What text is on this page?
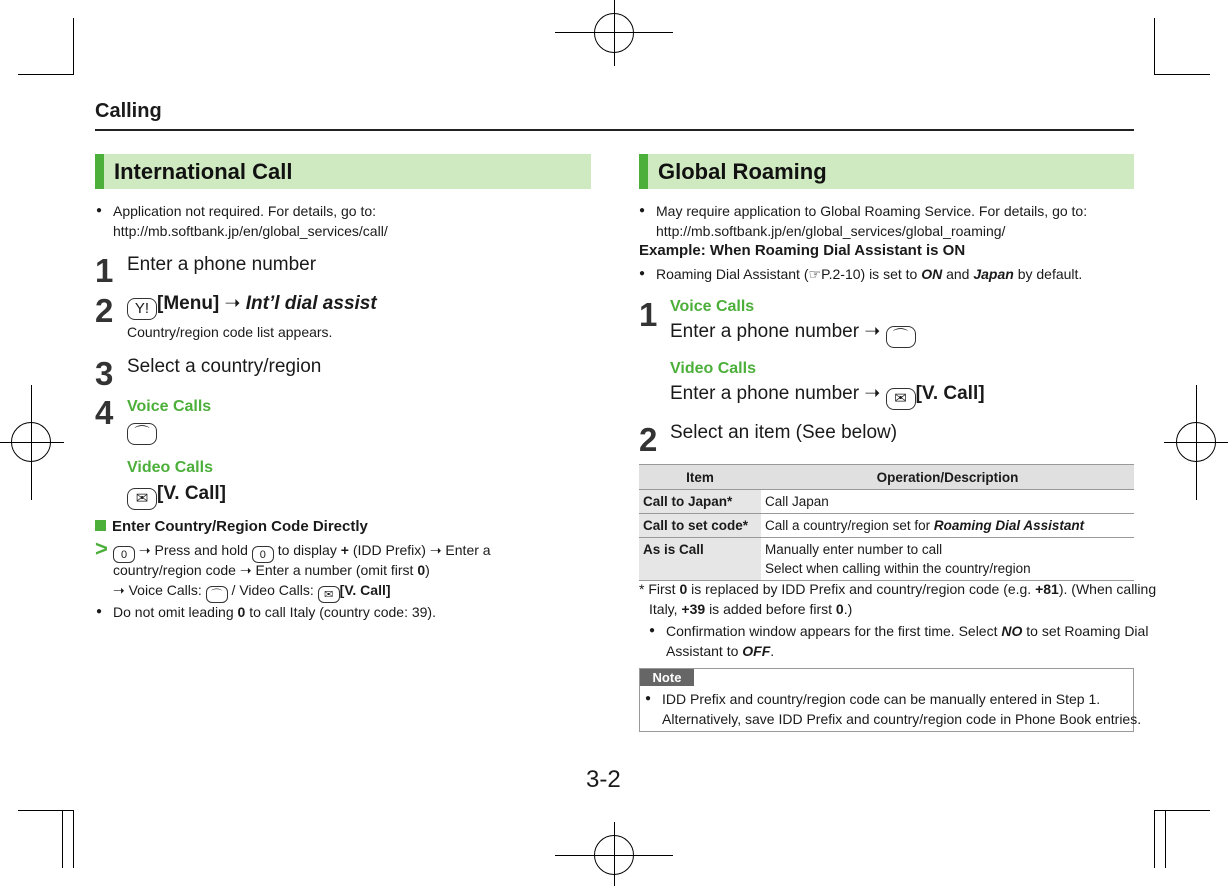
Calling
International Call
● Application not required. For details, go to:
http://mb.softbank.jp/en/global_services/call/
1 Enter a phone number
2	Y! [Menu] ➝ Int’l dial assist
Country/region code list appears.
3 Select a country/region
4 Voice Calls
⌒
Video Calls
✉ [V. Call]
Enter Country/Region Code Directly
>	0 ➝ Press and hold 0 to display + (IDD Prefix) ➝ Enter a
country/region code ➝ Enter a number (omit first 0)
➝ Voice Calls: ⌒ / Video Calls: ✉ [V. Call]
● Do not omit leading 0 to call Italy (country code: 39).
Global Roaming
● May require application to Global Roaming Service. For details, go to:
http://mb.softbank.jp/en/global_services/global_roaming/
Example: When Roaming Dial Assistant is ON
● Roaming Dial Assistant (☞P.2-10) is set to ON and Japan by default.
1 Voice Calls
Enter a phone number ➝ ⌒
Video Calls
Enter a phone number ➝ ✉ [V. Call]
2 Select an item (See below)
Item	Operation/Description
Call to Japan*	Call Japan
Call to set code*	Call a country/region set for Roaming Dial Assistant
As is Call	Manually enter number to call
Select when calling within the country/region
* First 0 is replaced by IDD Prefix and country/region code (e.g. +81). (When calling
Italy, +39 is added before first 0.)
● Confirmation window appears for the first time. Select NO to set Roaming Dial
Assistant to OFF.
Note
● IDD Prefix and country/region code can be manually entered in Step 1.
Alternatively, save IDD Prefix and country/region code in Phone Book entries.
3-2
